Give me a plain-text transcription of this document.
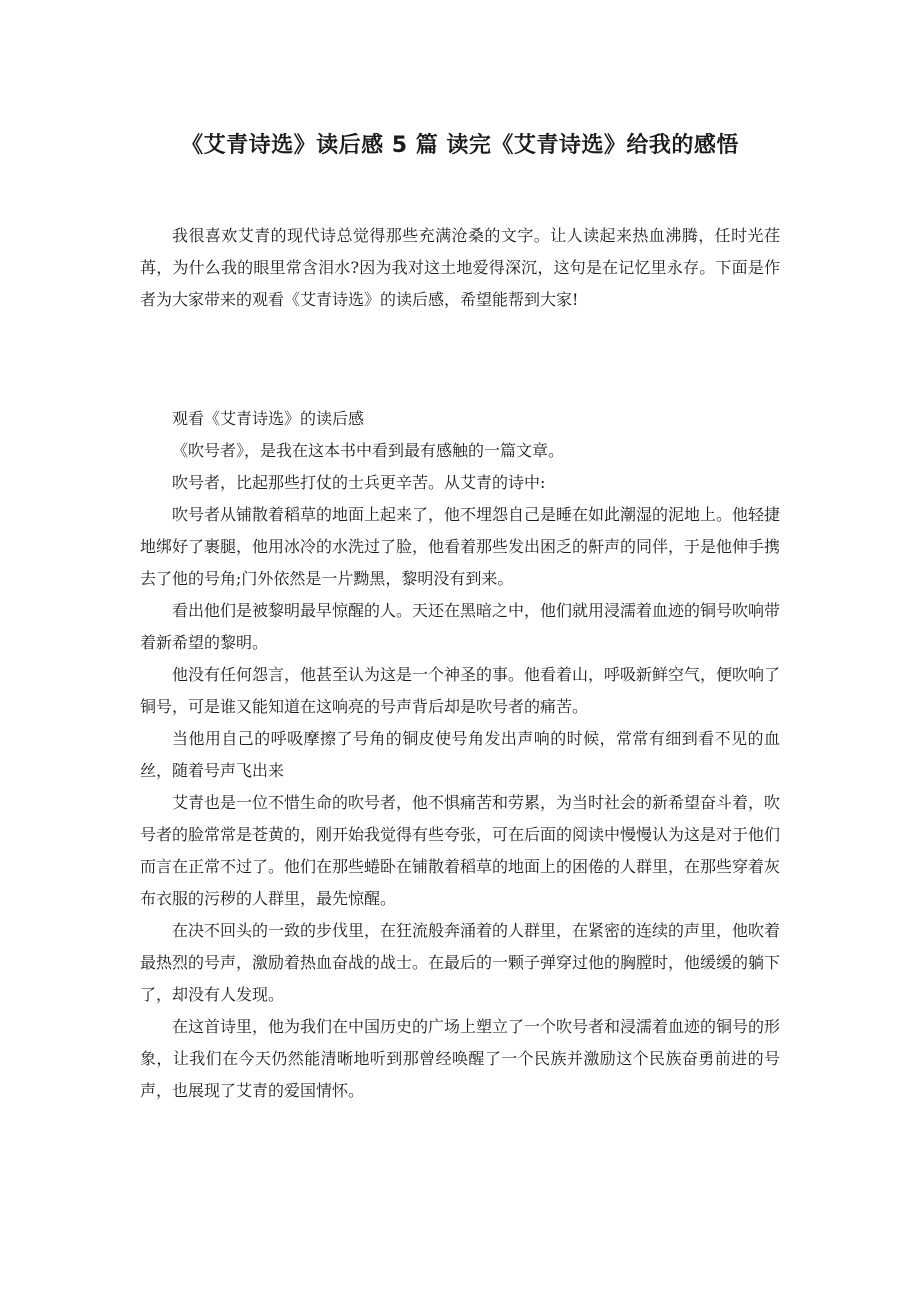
《艾青诗选》读后感 5 篇 读完《艾青诗选》给我的感悟

我很喜欢艾青的现代诗总觉得那些充满沧桑的文字。让人读起来热血沸腾，任时光荏苒，为什么我的眼里常含泪水?因为我对这土地爱得深沉，这句是在记忆里永存。下面是作者为大家带来的观看《艾青诗选》的读后感，希望能帮到大家!

观看《艾青诗选》的读后感

《吹号者》，是我在这本书中看到最有感触的一篇文章。

吹号者，比起那些打仗的士兵更辛苦。从艾青的诗中:

吹号者从铺散着稻草的地面上起来了，他不埋怨自己是睡在如此潮湿的泥地上。他轻捷地绑好了裹腿，他用冰冷的水洗过了脸，他看着那些发出困乏的鼾声的同伴，于是他伸手携去了他的号角;门外依然是一片黝黑，黎明没有到来。

看出他们是被黎明最早惊醒的人。天还在黑暗之中，他们就用浸濡着血迹的铜号吹响带着新希望的黎明。

他没有任何怨言，他甚至认为这是一个神圣的事。他看着山，呼吸新鲜空气，便吹响了铜号，可是谁又能知道在这响亮的号声背后却是吹号者的痛苦。

当他用自己的呼吸摩擦了号角的铜皮使号角发出声响的时候，常常有细到看不见的血丝，随着号声飞出来

艾青也是一位不惜生命的吹号者，他不惧痛苦和劳累，为当时社会的新希望奋斗着，吹号者的脸常常是苍黄的，刚开始我觉得有些夸张，可在后面的阅读中慢慢认为这是对于他们而言在正常不过了。他们在那些蜷卧在铺散着稻草的地面上的困倦的人群里，在那些穿着灰布衣服的污秽的人群里，最先惊醒。

在决不回头的一致的步伐里，在狂流般奔涌着的人群里，在紧密的连续的声里，他吹着最热烈的号声，激励着热血奋战的战士。在最后的一颗子弹穿过他的胸膛时，他缓缓的躺下了，却没有人发现。

在这首诗里，他为我们在中国历史的广场上塑立了一个吹号者和浸濡着血迹的铜号的形象，让我们在今天仍然能清晰地听到那曾经唤醒了一个民族并激励这个民族奋勇前进的号声，也展现了艾青的爱国情怀。
